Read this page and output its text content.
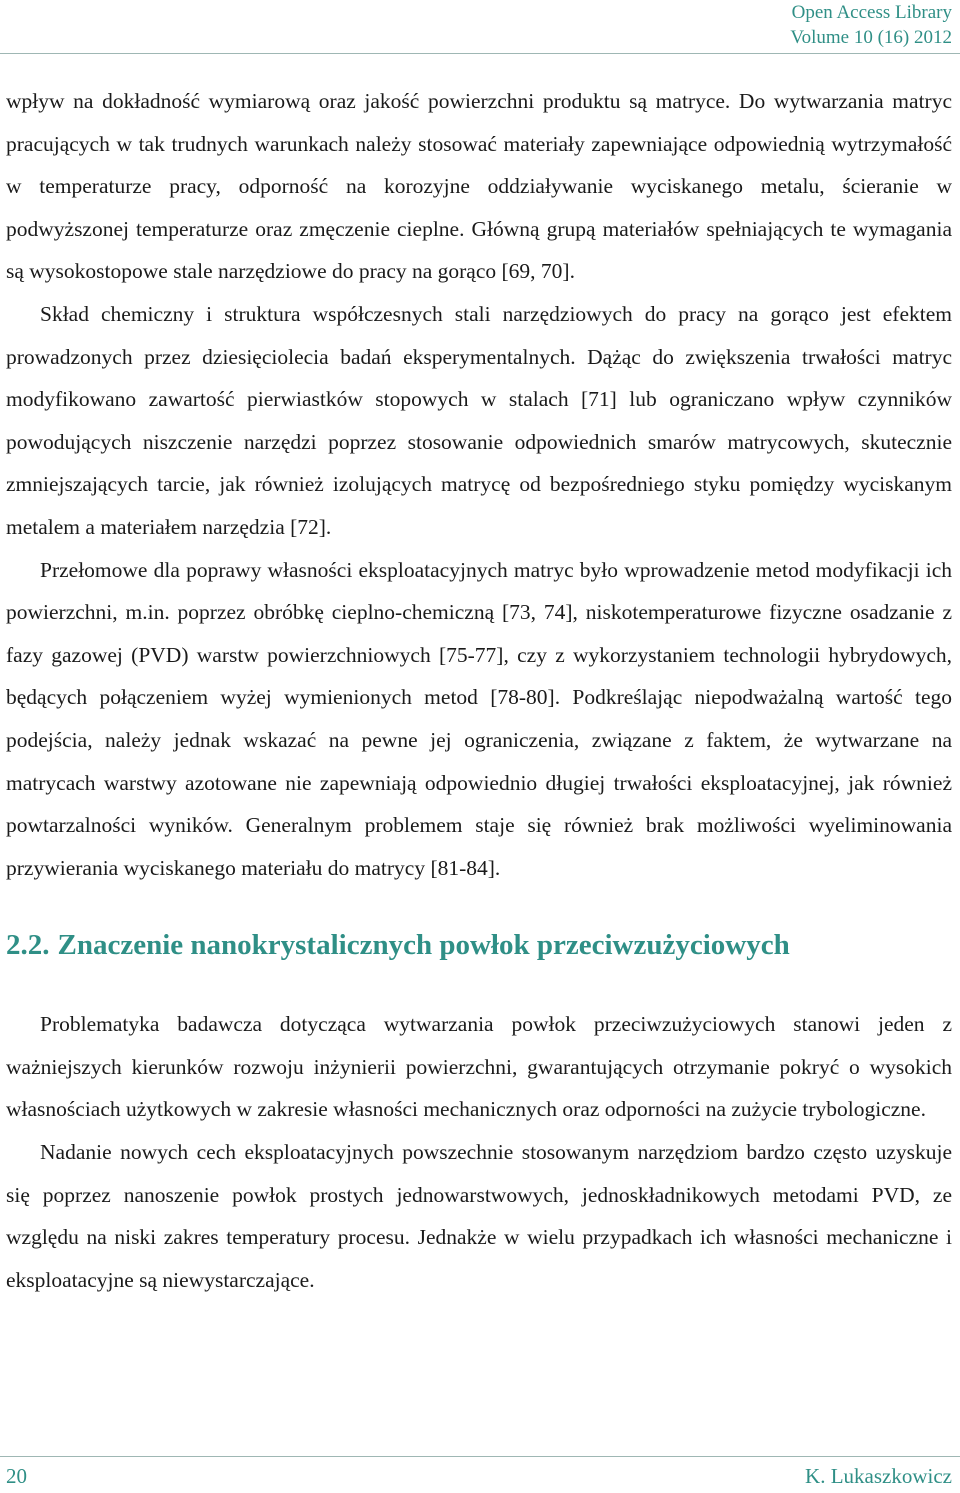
Open Access Library
Volume 10 (16) 2012

wpływ na dokładność wymiarową oraz jakość powierzchni produktu są matryce. Do wytwarzania matryc pracujących w tak trudnych warunkach należy stosować materiały zapewniające odpowiednią wytrzymałość w temperaturze pracy, odporność na korozyjne oddziaływanie wyciskanego metalu, ścieranie w podwyższonej temperaturze oraz zmęczenie cieplne. Główną grupą materiałów spełniających te wymagania są wysokostopowe stale narzędziowe do pracy na gorąco [69, 70].

Skład chemiczny i struktura współczesnych stali narzędziowych do pracy na gorąco jest efektem prowadzonych przez dziesięciolecia badań eksperymentalnych. Dążąc do zwiększenia trwałości matryc modyfikowano zawartość pierwiastków stopowych w stalach [71] lub ograniczano wpływ czynników powodujących niszczenie narzędzi poprzez stosowanie odpowiednich smarów matrycowych, skutecznie zmniejszających tarcie, jak również izolujących matrycę od bezpośredniego styku pomiędzy wyciskanym metalem a materiałem narzędzia [72].

Przełomowe dla poprawy własności eksploatacyjnych matryc było wprowadzenie metod modyfikacji ich powierzchni, m.in. poprzez obróbkę cieplno-chemiczną [73, 74], niskotemperaturowe fizyczne osadzanie z fazy gazowej (PVD) warstw powierzchniowych [75-77], czy z wykorzystaniem technologii hybrydowych, będących połączeniem wyżej wymienionych metod [78-80]. Podkreślając niepodważalną wartość tego podejścia, należy jednak wskazać na pewne jej ograniczenia, związane z faktem, że wytwarzane na matrycach warstwy azotowane nie zapewniają odpowiednio długiej trwałości eksploatacyjnej, jak również powtarzalności wyników. Generalnym problemem staje się również brak możliwości wyeliminowania przywierania wyciskanego materiału do matrycy [81-84].

2.2. Znaczenie nanokrystalicznych powłok przeciwzużyciowych

Problematyka badawcza dotycząca wytwarzania powłok przeciwzużyciowych stanowi jeden z ważniejszych kierunków rozwoju inżynierii powierzchni, gwarantujących otrzymanie pokryć o wysokich własnościach użytkowych w zakresie własności mechanicznych oraz odporności na zużycie trybologiczne.

Nadanie nowych cech eksploatacyjnych powszechnie stosowanym narzędziom bardzo często uzyskuje się poprzez nanoszenie powłok prostych jednowarstwowych, jednoskładnikowych metodami PVD, ze względu na niski zakres temperatury procesu. Jednakże w wielu przypadkach ich własności mechaniczne i eksploatacyjne są niewystarczające.

20	K. Lukaszkowicz
